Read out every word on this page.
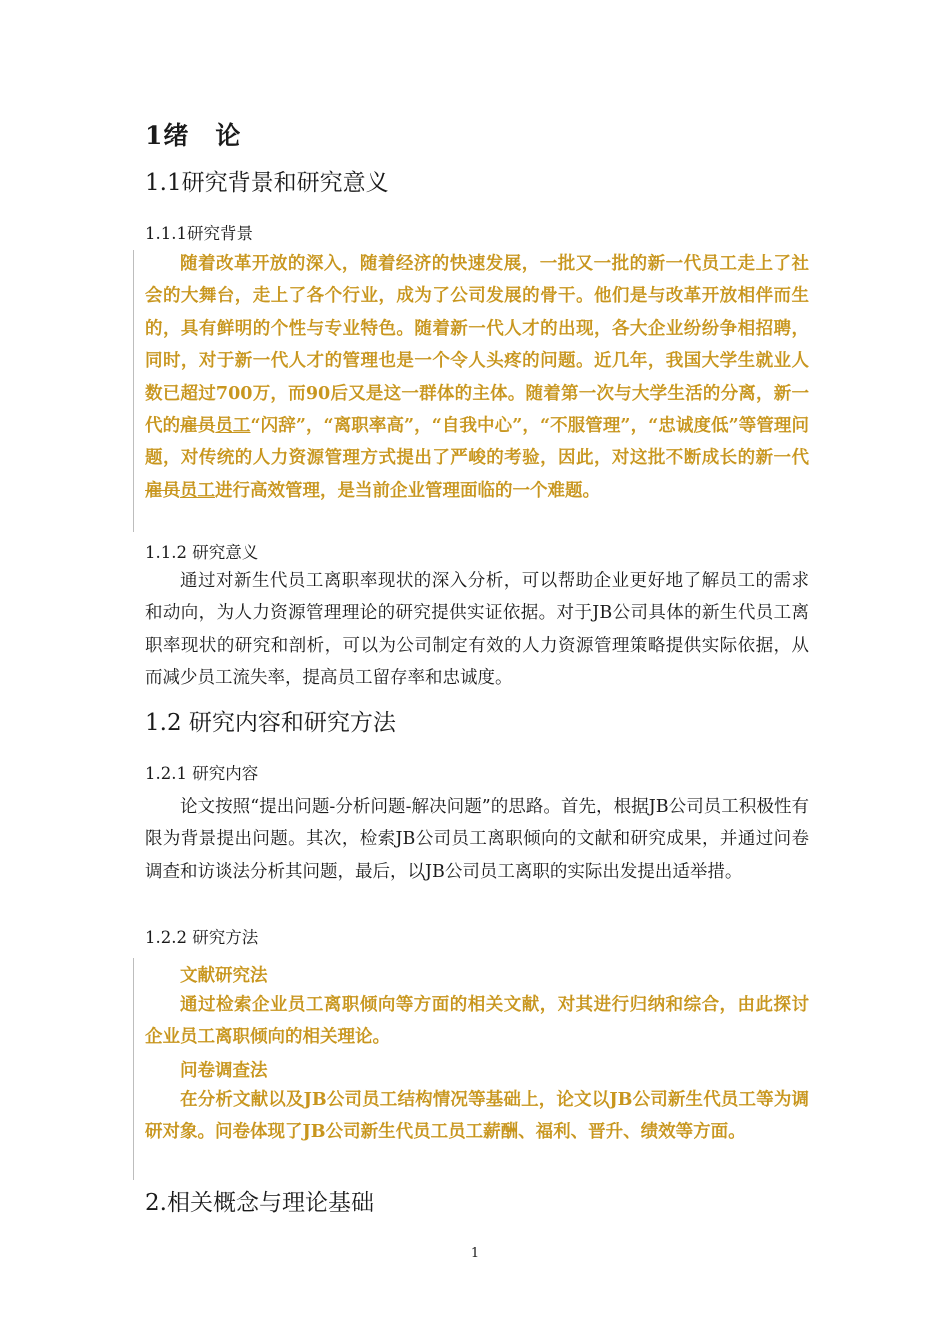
1绪　论
1.1研究背景和研究意义
1.1.1研究背景

随着改革开放的深入，随着经济的快速发展，一批又一批的新一代员工走上了社会的大舞台，走上了各个行业，成为了公司发展的骨干。他们是与改革开放相伴而生的，具有鲜明的个性与专业特色。随着新一代人才的出现，各大企业纷纷争相招聘，同时，对于新一代人才的管理也是一个令人头疼的问题。近几年，我国大学生就业人数已超过700万，而90后又是这一群体的主体。随着第一次与大学生活的分离，新一代的雇员员工“闪辞”，“离职率高”，“自我中心”，“不服管理”，“忠诚度低”等管理问题，对传统的人力资源管理方式提出了严峻的考验，因此，对这批不断成长的新一代雇员员工进行高效管理，是当前企业管理面临的一个难题。

1.1.2 研究意义

通过对新生代员工离职率现状的深入分析，可以帮助企业更好地了解员工的需求和动向，为人力资源管理理论的研究提供实证依据。对于JB公司具体的新生代员工离职率现状的研究和剖析，可以为公司制定有效的人力资源管理策略提供实际依据，从而减少员工流失率，提高员工留存率和忠诚度。

1.2 研究内容和研究方法
1.2.1 研究内容

论文按照“提出问题-分析问题-解决问题”的思路。首先，根据JB公司员工积极性有限为背景提出问题。其次，检索JB公司员工离职倾向的文献和研究成果，并通过问卷调查和访谈法分析其问题，最后，以JB公司员工离职的实际出发提出适举措。

1.2.2 研究方法
文献研究法

通过检索企业员工离职倾向等方面的相关文献，对其进行归纳和综合，由此探讨企业员工离职倾向的相关理论。

问卷调查法

在分析文献以及JB公司员工结构情况等基础上，论文以JB公司新生代员工等为调研对象。问卷体现了JB公司新生代员工员工薪酬、福利、晋升、绩效等方面。

2.相关概念与理论基础
1
